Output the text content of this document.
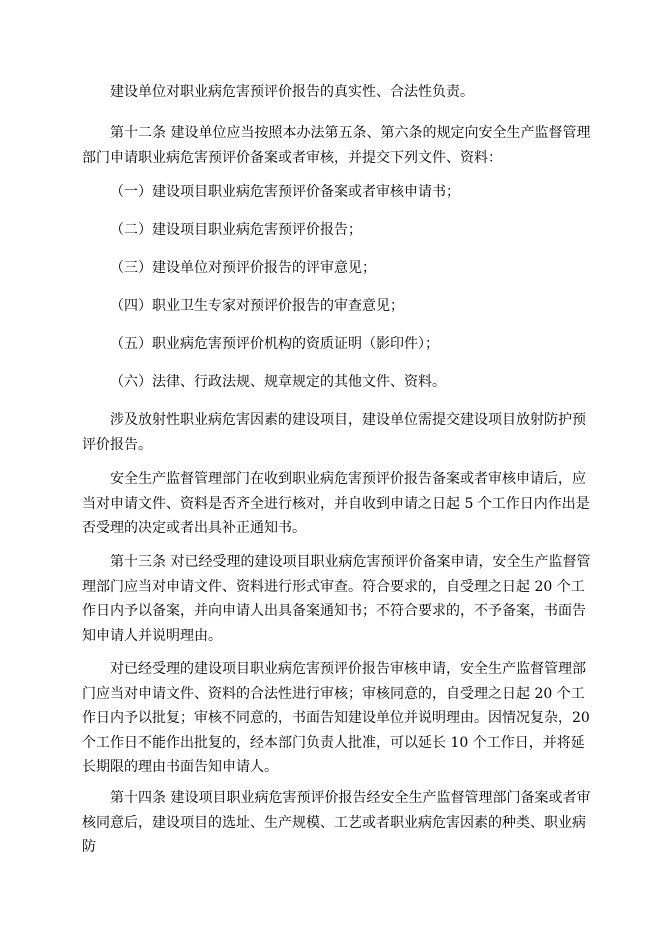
建设单位对职业病危害预评价报告的真实性、合法性负责。

第十二条 建设单位应当按照本办法第五条、第六条的规定向安全生产监督管理部门申请职业病危害预评价备案或者审核，并提交下列文件、资料：

（一）建设项目职业病危害预评价备案或者审核申请书；

（二）建设项目职业病危害预评价报告；

（三）建设单位对预评价报告的评审意见；

（四）职业卫生专家对预评价报告的审查意见；

（五）职业病危害预评价机构的资质证明（影印件）；

（六）法律、行政法规、规章规定的其他文件、资料。

涉及放射性职业病危害因素的建设项目，建设单位需提交建设项目放射防护预评价报告。

安全生产监督管理部门在收到职业病危害预评价报告备案或者审核申请后，应当对申请文件、资料是否齐全进行核对，并自收到申请之日起 5 个工作日内作出是否受理的决定或者出具补正通知书。

第十三条 对已经受理的建设项目职业病危害预评价备案申请，安全生产监督管理部门应当对申请文件、资料进行形式审查。符合要求的，自受理之日起 20 个工作日内予以备案，并向申请人出具备案通知书；不符合要求的，不予备案，书面告知申请人并说明理由。

对已经受理的建设项目职业病危害预评价报告审核申请，安全生产监督管理部门应当对申请文件、资料的合法性进行审核；审核同意的，自受理之日起 20 个工作日内予以批复；审核不同意的，书面告知建设单位并说明理由。因情况复杂，20 个工作日不能作出批复的，经本部门负责人批准，可以延长 10 个工作日，并将延长期限的理由书面告知申请人。

第十四条 建设项目职业病危害预评价报告经安全生产监督管理部门备案或者审核同意后，建设项目的选址、生产规模、工艺或者职业病危害因素的种类、职业病防
